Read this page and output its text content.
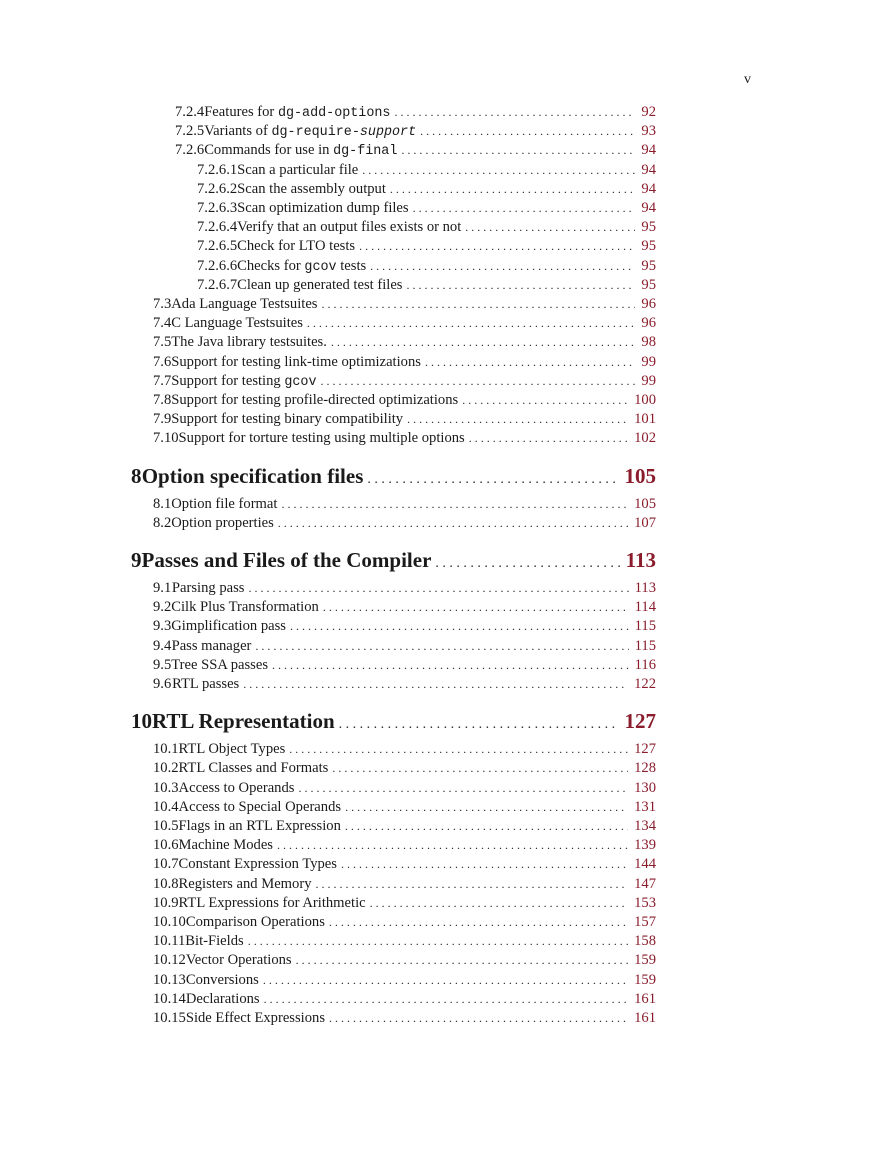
v
7.2.4 Features for dg-add-options . . .	92
7.2.5 Variants of dg-require-support . . .	93
7.2.6 Commands for use in dg-final . . .	94
7.2.6.1 Scan a particular file . . .	94
7.2.6.2 Scan the assembly output . . .	94
7.2.6.3 Scan optimization dump files . . .	94
7.2.6.4 Verify that an output files exists or not . . .	95
7.2.6.5 Check for LTO tests . . .	95
7.2.6.6 Checks for gcov tests . . .	95
7.2.6.7 Clean up generated test files . . .	95
7.3 Ada Language Testsuites . . .	96
7.4 C Language Testsuites . . .	96
7.5 The Java library testsuites. . . .	98
7.6 Support for testing link-time optimizations . . .	99
7.7 Support for testing gcov . . .	99
7.8 Support for testing profile-directed optimizations . . .	100
7.9 Support for testing binary compatibility . . .	101
7.10 Support for torture testing using multiple options . . .	102
8 Option specification files . . .	105
8.1 Option file format . . .	105
8.2 Option properties . . .	107
9 Passes and Files of the Compiler . . .	113
9.1 Parsing pass . . .	113
9.2 Cilk Plus Transformation . . .	114
9.3 Gimplification pass . . .	115
9.4 Pass manager . . .	115
9.5 Tree SSA passes . . .	116
9.6 RTL passes . . .	122
10 RTL Representation . . .	127
10.1 RTL Object Types . . .	127
10.2 RTL Classes and Formats . . .	128
10.3 Access to Operands . . .	130
10.4 Access to Special Operands . . .	131
10.5 Flags in an RTL Expression . . .	134
10.6 Machine Modes . . .	139
10.7 Constant Expression Types . . .	144
10.8 Registers and Memory . . .	147
10.9 RTL Expressions for Arithmetic . . .	153
10.10 Comparison Operations . . .	157
10.11 Bit-Fields . . .	158
10.12 Vector Operations . . .	159
10.13 Conversions . . .	159
10.14 Declarations . . .	161
10.15 Side Effect Expressions . . .	161
